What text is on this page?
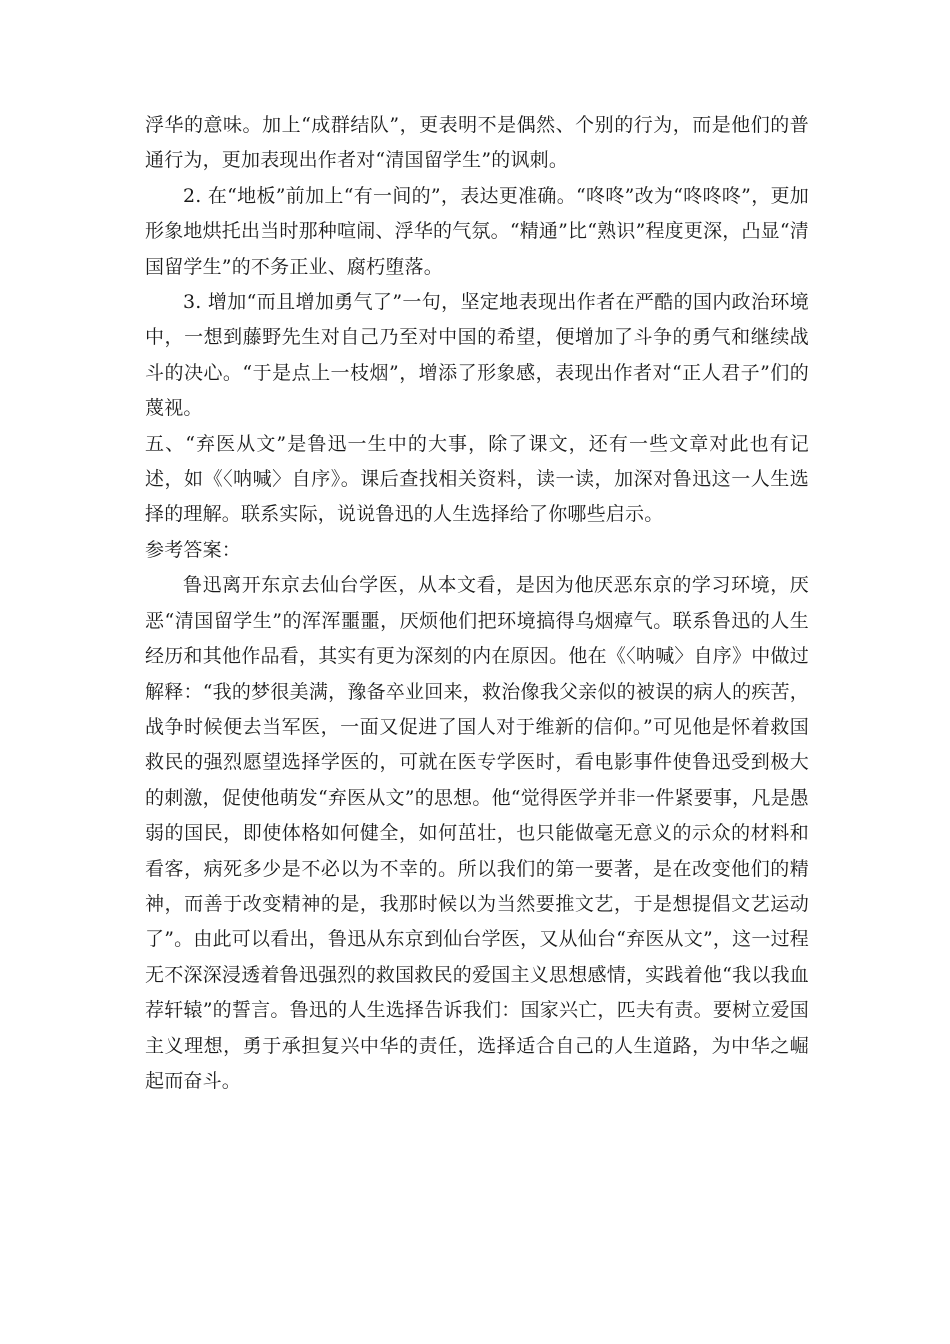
浮华的意味。加上“成群结队”，更表明不是偶然、个别的行为，而是他们的普通行为，更加表现出作者对“清国留学生”的讽刺。

2. 在“地板”前加上“有一间的”，表达更准确。“咚咚”改为“咚咚咚”，更加形象地烘托出当时那种喧闹、浮华的气氛。“精通”比“熟识”程度更深，凸显“清国留学生”的不务正业、腐朽堕落。

3. 增加“而且增加勇气了”一句，坚定地表现出作者在严酷的国内政治环境中，一想到藤野先生对自己乃至对中国的希望，便增加了斗争的勇气和继续战斗的决心。“于是点上一枝烟”，增添了形象感，表现出作者对“正人君子”们的蔑视。

五、“弃医从文”是鲁迅一生中的大事，除了课文，还有一些文章对此也有记述，如《〈呐喊〉自序》。课后查找相关资料，读一读，加深对鲁迅这一人生选择的理解。联系实际，说说鲁迅的人生选择给了你哪些启示。

参考答案：

鲁迅离开东京去仙台学医，从本文看，是因为他厌恶东京的学习环境，厌恶“清国留学生”的浑浑噩噩，厌烦他们把环境搞得乌烟瘴气。联系鲁迅的人生经历和其他作品看，其实有更为深刻的内在原因。他在《〈呐喊〉自序》中做过解释：“我的梦很美满，豫备卒业回来，救治像我父亲似的被误的病人的疾苦，战争时候便去当军医，一面又促进了国人对于维新的信仰。”可见他是怀着救国救民的强烈愿望选择学医的，可就在医专学医时，看电影事件使鲁迅受到极大的刺激，促使他萌发“弃医从文”的思想。他“觉得医学并非一件紧要事，凡是愚弱的国民，即使体格如何健全，如何茁壮，也只能做毫无意义的示众的材料和看客，病死多少是不必以为不幸的。所以我们的第一要著，是在改变他们的精神，而善于改变精神的是，我那时候以为当然要推文艺，于是想提倡文艺运动了”。由此可以看出，鲁迅从东京到仙台学医，又从仙台“弃医从文”，这一过程无不深深浸透着鲁迅强烈的救国救民的爱国主义思想感情，实践着他“我以我血荐轩辕”的誓言。鲁迅的人生选择告诉我们：国家兴亡，匹夫有责。要树立爱国主义理想，勇于承担复兴中华的责任，选择适合自己的人生道路，为中华之崛起而奋斗。
